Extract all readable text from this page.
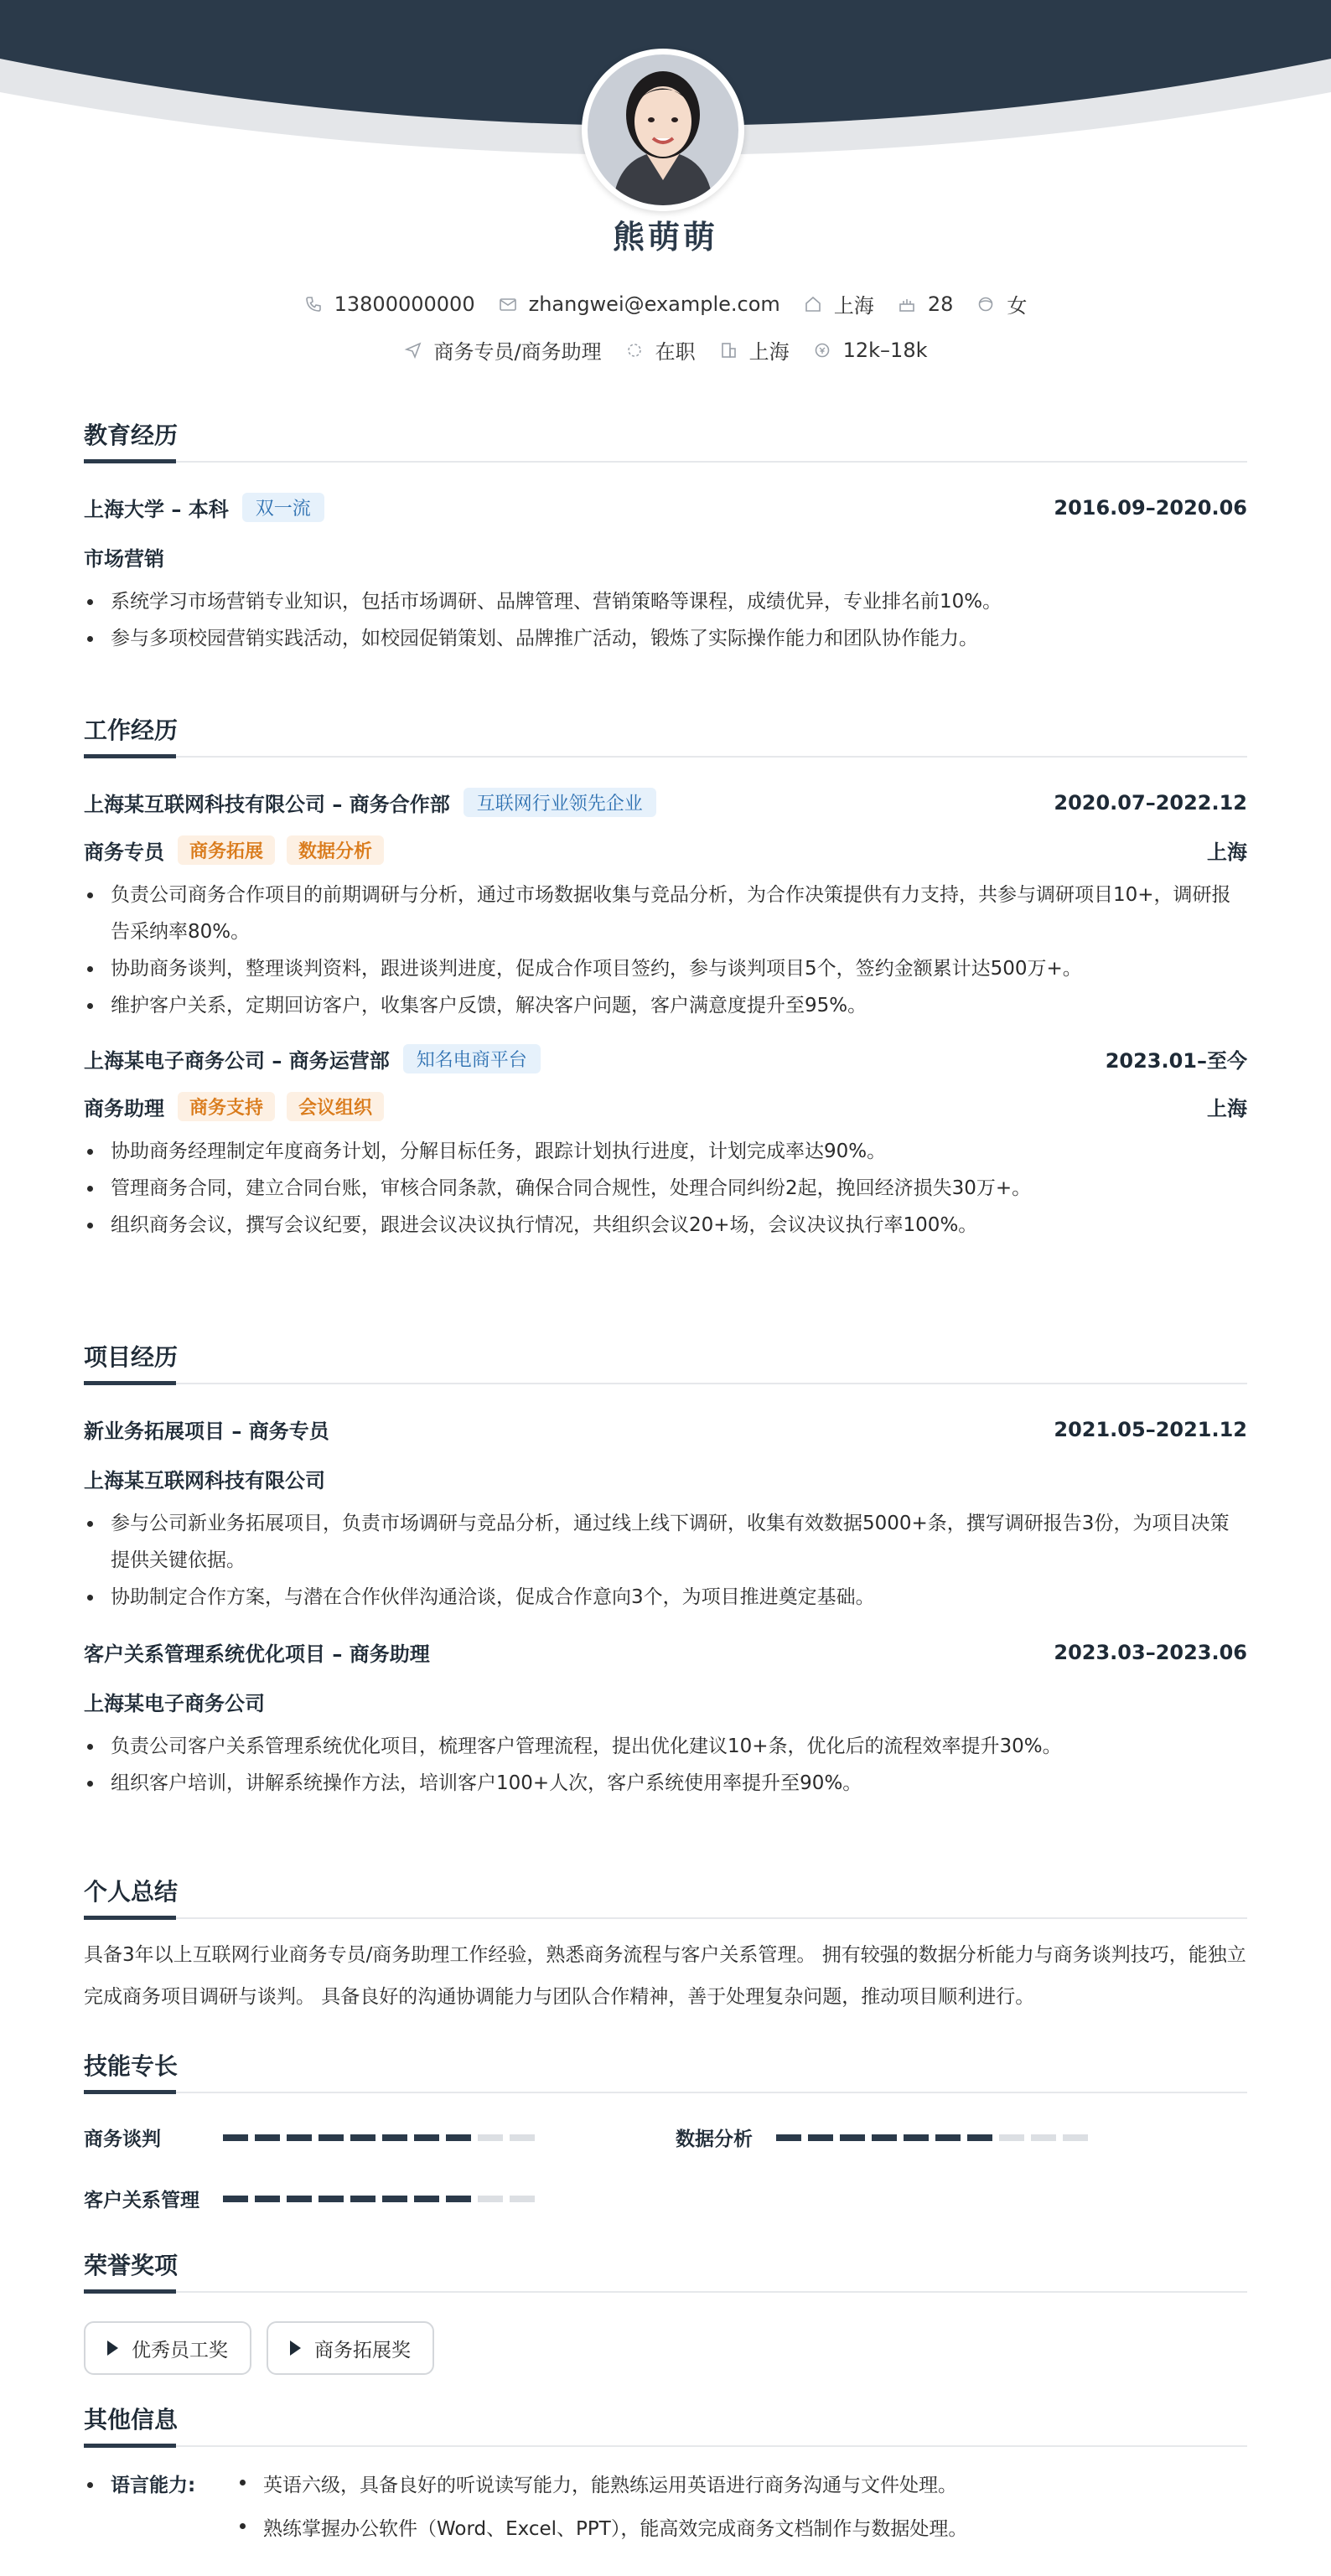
熊萌萌
13800000000	zhangwei@example.com	上海	28	女
商务专员/商务助理	在职	上海	12k–18k
教育经历
上海大学 – 本科	双一流	2016.09–2020.06
市场营销
系统学习市场营销专业知识，包括市场调研、品牌管理、营销策略等课程，成绩优异，专业排名前10%。
参与多项校园营销实践活动，如校园促销策划、品牌推广活动，锻炼了实际操作能力和团队协作能力。
工作经历
上海某互联网科技有限公司 – 商务合作部	互联网行业领先企业	2020.07–2022.12
商务专员	商务拓展	数据分析	上海
负责公司商务合作项目的前期调研与分析，通过市场数据收集与竞品分析，为合作决策提供有力支持，共参与调研项目10+，调研报告采纳率80%。
协助商务谈判，整理谈判资料，跟进谈判进度，促成合作项目签约，参与谈判项目5个，签约金额累计达500万+。
维护客户关系，定期回访客户，收集客户反馈，解决客户问题，客户满意度提升至95%。
上海某电子商务公司 – 商务运营部	知名电商平台	2023.01–至今
商务助理	商务支持	会议组织	上海
协助商务经理制定年度商务计划，分解目标任务，跟踪计划执行进度，计划完成率达90%。
管理商务合同，建立合同台账，审核合同条款，确保合同合规性，处理合同纠纷2起，挽回经济损失30万+。
组织商务会议，撰写会议纪要，跟进会议决议执行情况，共组织会议20+场，会议决议执行率100%。
项目经历
新业务拓展项目 – 商务专员	2021.05–2021.12
上海某互联网科技有限公司
参与公司新业务拓展项目，负责市场调研与竞品分析，通过线上线下调研，收集有效数据5000+条，撰写调研报告3份，为项目决策提供关键依据。
协助制定合作方案，与潜在合作伙伴沟通洽谈，促成合作意向3个，为项目推进奠定基础。
客户关系管理系统优化项目 – 商务助理	2023.03–2023.06
上海某电子商务公司
负责公司客户关系管理系统优化项目，梳理客户管理流程，提出优化建议10+条，优化后的流程效率提升30%。
组织客户培训，讲解系统操作方法，培训客户100+人次，客户系统使用率提升至90%。
个人总结
具备3年以上互联网行业商务专员/商务助理工作经验，熟悉商务流程与客户关系管理。 拥有较强的数据分析能力与商务谈判技巧，能独立完成商务项目调研与谈判。 具备良好的沟通协调能力与团队合作精神，善于处理复杂问题，推动项目顺利进行。
技能专长
商务谈判	数据分析
客户关系管理
荣誉奖项
优秀员工奖	商务拓展奖
其他信息
语言能力:	英语六级，具备良好的听说读写能力，能熟练运用英语进行商务沟通与文件处理。
熟练掌握办公软件（Word、Excel、PPT），能高效完成商务文档制作与数据处理。
